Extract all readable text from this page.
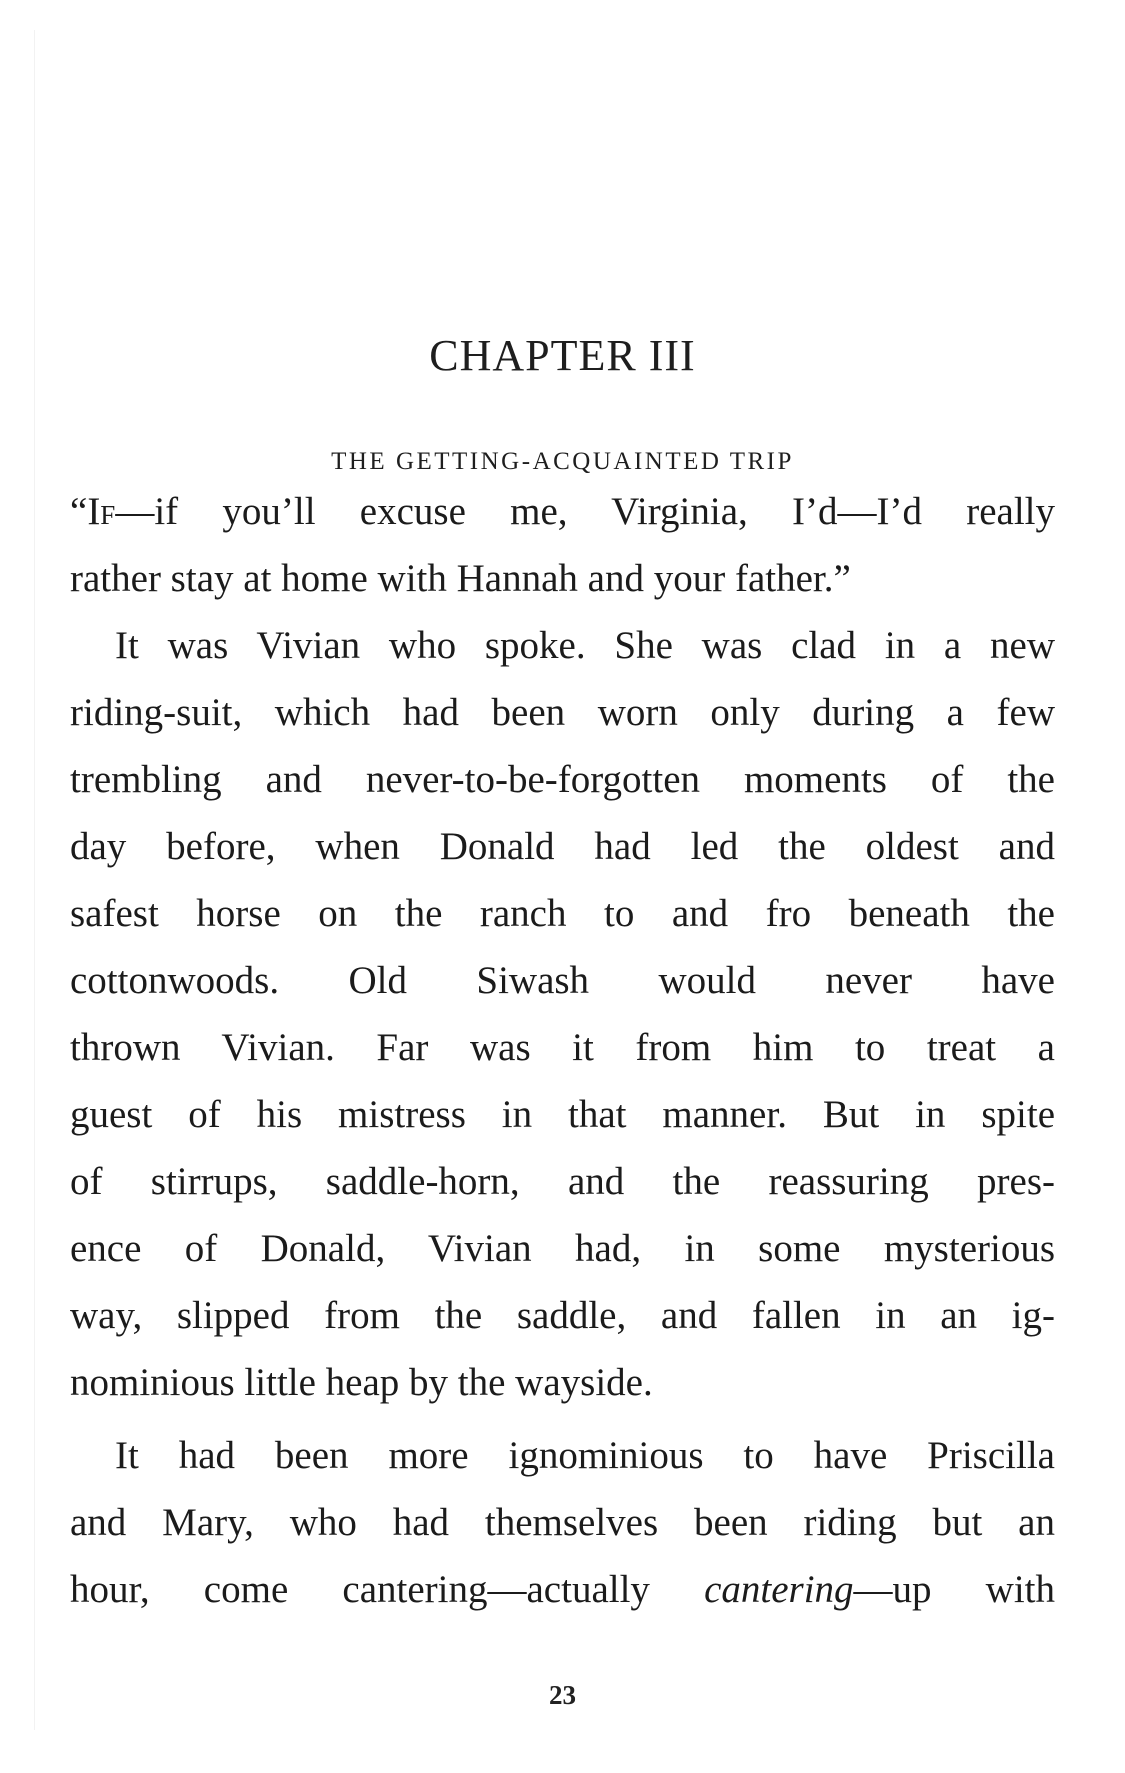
CHAPTER III
THE GETTING-ACQUAINTED TRIP
“If—if you’ll excuse me, Virginia, I’d—I’d really
rather stay at home with Hannah and your father.”
It was Vivian who spoke. She was clad in a new
riding-suit, which had been worn only during a few
trembling and never-to-be-forgotten moments of the
day before, when Donald had led the oldest and
safest horse on the ranch to and fro beneath the
cottonwoods. Old Siwash would never have
thrown Vivian. Far was it from him to treat a
guest of his mistress in that manner. But in spite
of stirrups, saddle-horn, and the reassuring pres-
ence of Donald, Vivian had, in some mysterious
way, slipped from the saddle, and fallen in an ig-
nominious little heap by the wayside.
It had been more ignominious to have Priscilla
and Mary, who had themselves been riding but an
hour, come cantering—actually cantering—up with
23
